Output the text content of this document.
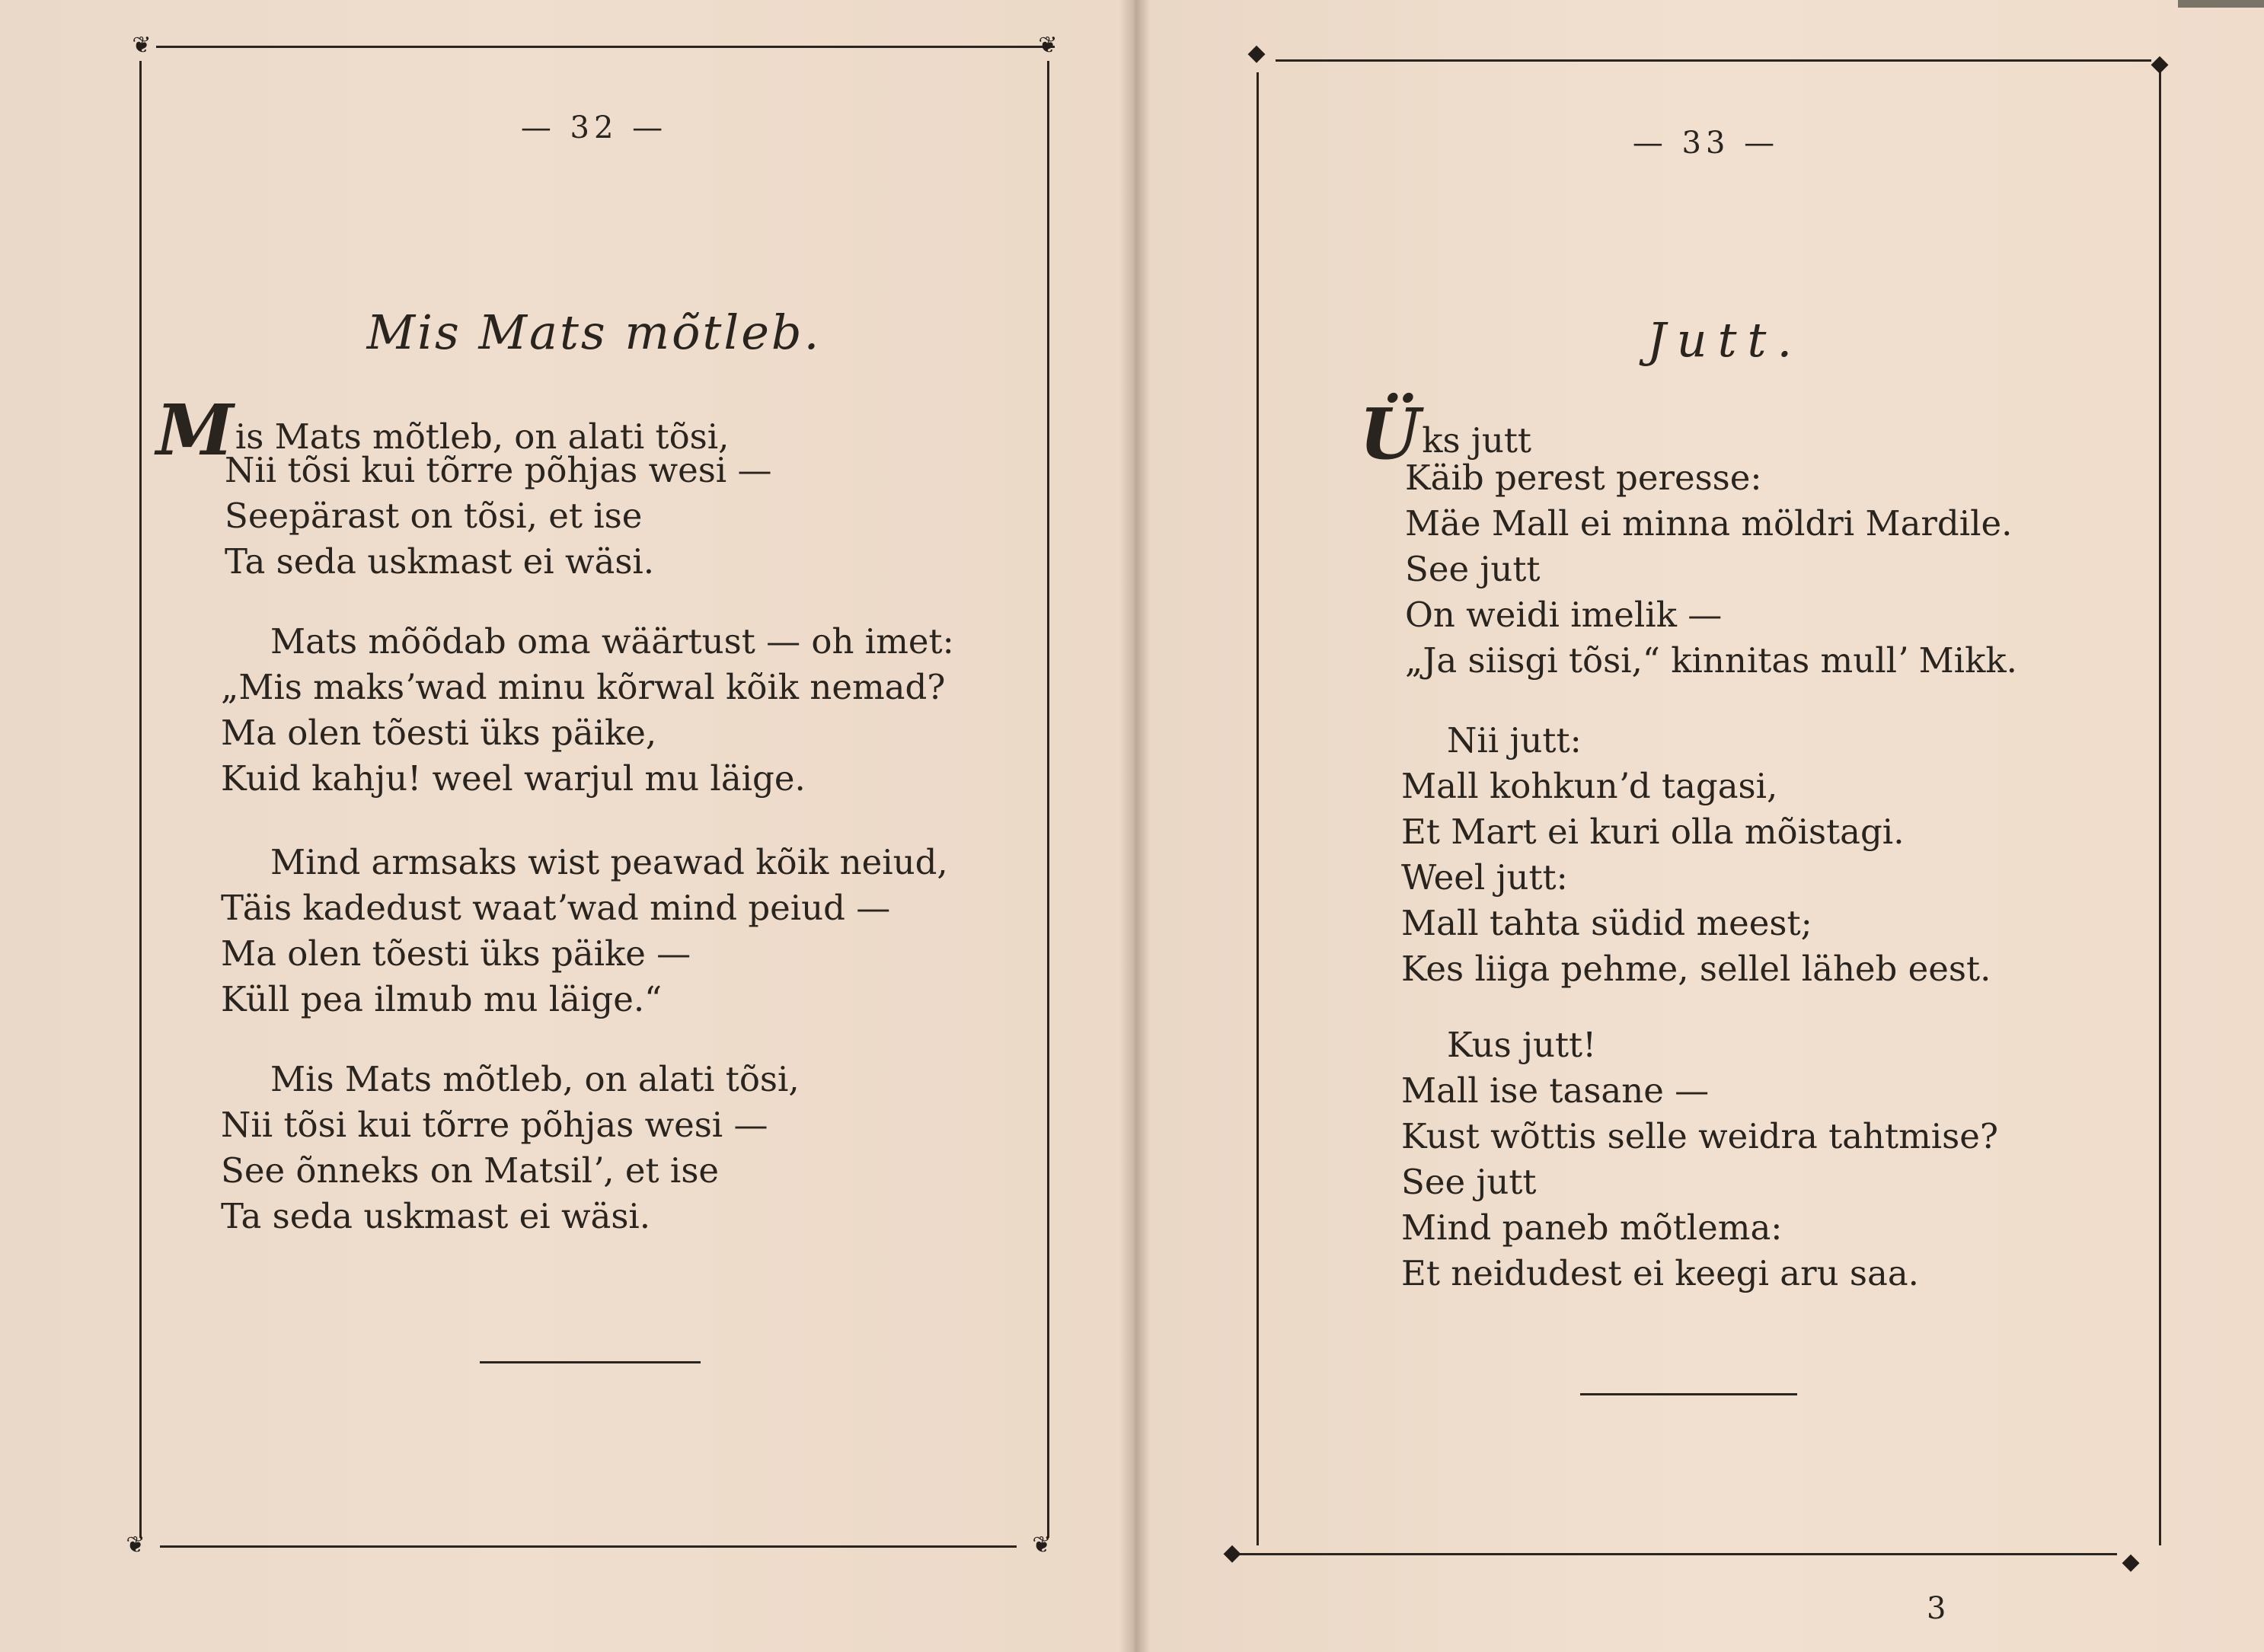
❦	❦
❦	❦
— 32 —
Mis Mats mõtleb.
Mis Mats mõtleb, on alati tõsi,
Nii tõsi kui tõrre põhjas wesi —
Seepärast on tõsi, et ise
Ta seda uskmast ei wäsi.
Mats mõõdab oma wäärtust — oh imet:
„Mis maksʼwad minu kõrwal kõik nemad?
Ma olen tõesti üks päike,
Kuid kahju! weel warjul mu läige.
Mind armsaks wist peawad kõik neiud,
Täis kadedust waatʼwad mind peiud —
Ma olen tõesti üks päike —
Küll pea ilmub mu läige.“
Mis Mats mõtleb, on alati tõsi,
Nii tõsi kui tõrre põhjas wesi —
See õnneks on Matsilʼ, et ise
Ta seda uskmast ei wäsi.
◆	◆
◆	◆
— 33 —
Jutt.
Üks jutt
Käib perest peresse:
Mäe Mall ei minna möldri Mardile.
See jutt
On weidi imelik —
„Ja siisgi tõsi,“ kinnitas mullʼ Mikk.
Nii jutt:
Mall kohkunʼd tagasi,
Et Mart ei kuri olla mõistagi.
Weel jutt:
Mall tahta südid meest;
Kes liiga pehme, sellel läheb eest.
Kus jutt!
Mall ise tasane —
Kust wõttis selle weidra tahtmise?
See jutt
Mind paneb mõtlema:
Et neidudest ei keegi aru saa.
3
